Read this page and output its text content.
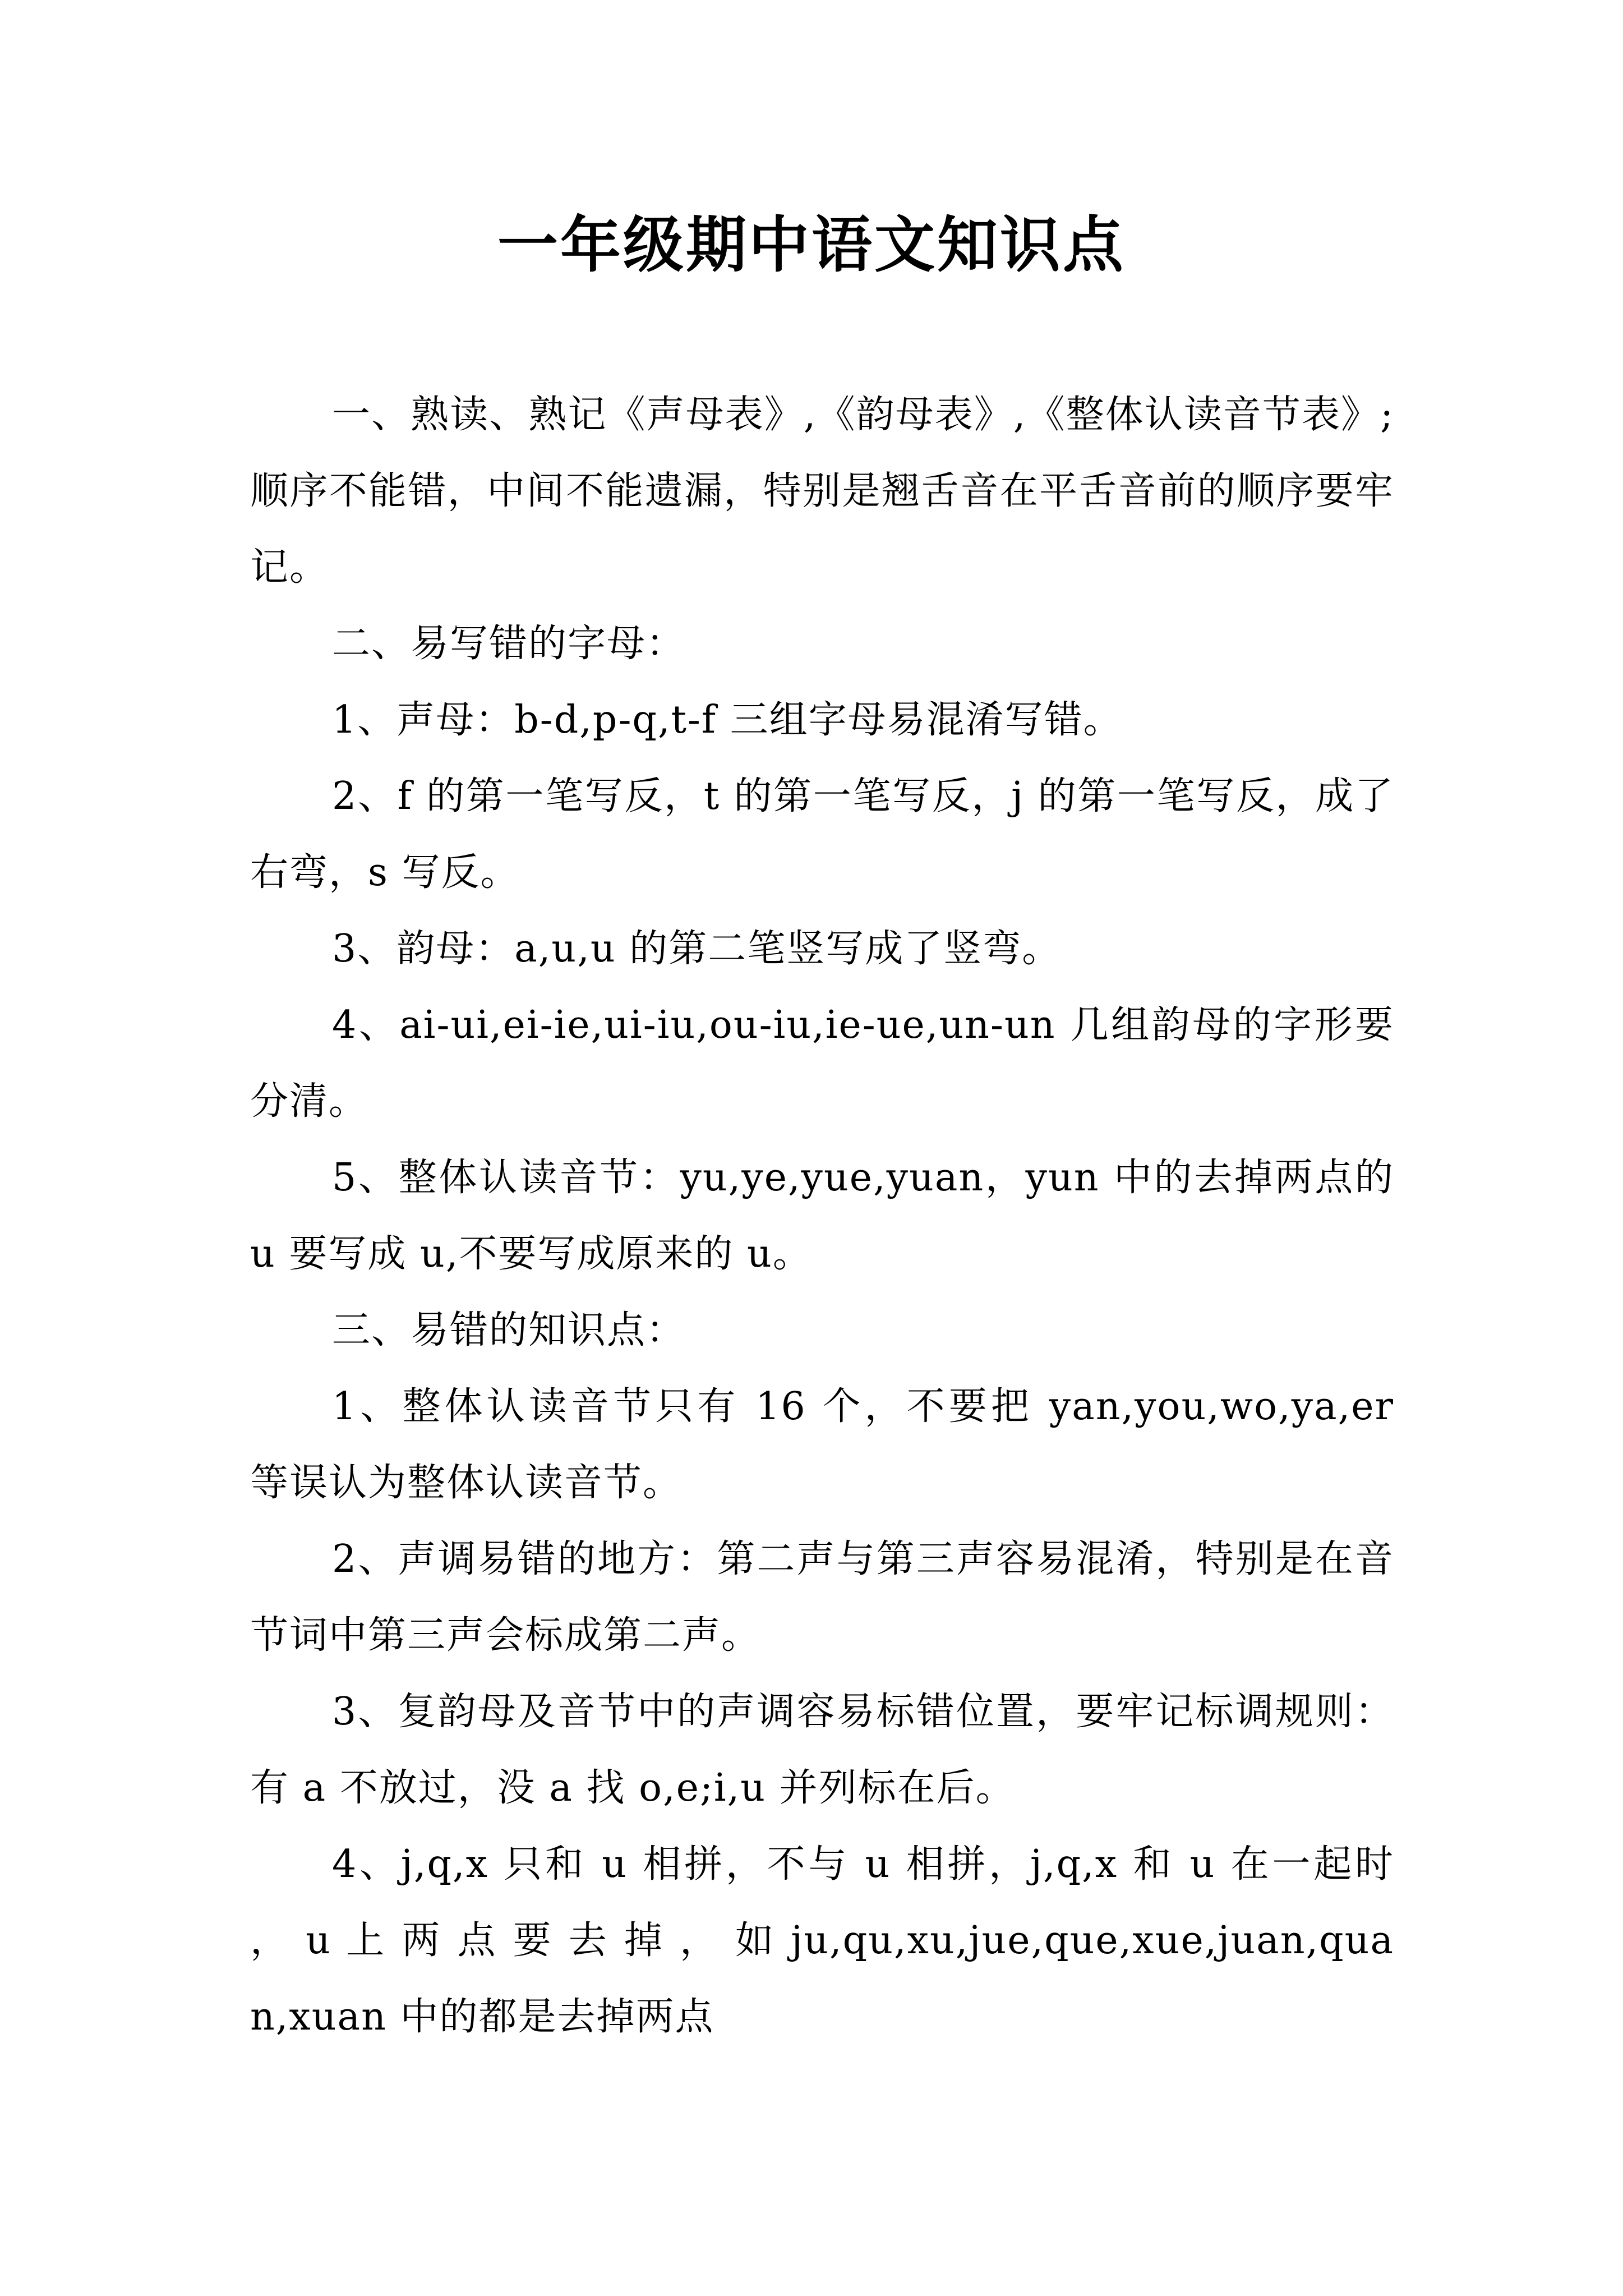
一年级期中语文知识点

一、熟读、熟记《声母表》,《韵母表》,《整体认读音节表》;顺序不能错，中间不能遗漏，特别是翘舌音在平舌音前的顺序要牢记。

二、易写错的字母：

1、声母：b-d,p-q,t-f 三组字母易混淆写错。

2、f 的第一笔写反，t 的第一笔写反，j 的第一笔写反，成了右弯，s 写反。

3、韵母：a,u,u 的第二笔竖写成了竖弯。

4、ai-ui,ei-ie,ui-iu,ou-iu,ie-ue,un-un 几组韵母的字形要分清。

5、整体认读音节：yu,ye,yue,yuan，yun 中的去掉两点的 u 要写成 u,不要写成原来的 u。

三、易错的知识点：

1、整体认读音节只有 16 个，不要把 yan,you,wo,ya,er 等误认为整体认读音节。

2、声调易错的地方：第二声与第三声容易混淆，特别是在音节词中第三声会标成第二声。

3、复韵母及音节中的声调容易标错位置，要牢记标调规则：有 a 不放过，没 a 找 o,e;i,u 并列标在后。

4、j,q,x 只和 u 相拼，不与 u 相拼，j,q,x 和 u 在一起时 ， u 上 两 点 要 去 掉 ， 如 ju,qu,xu,jue,que,xue,juan,quan,xuan 中的都是去掉两点
